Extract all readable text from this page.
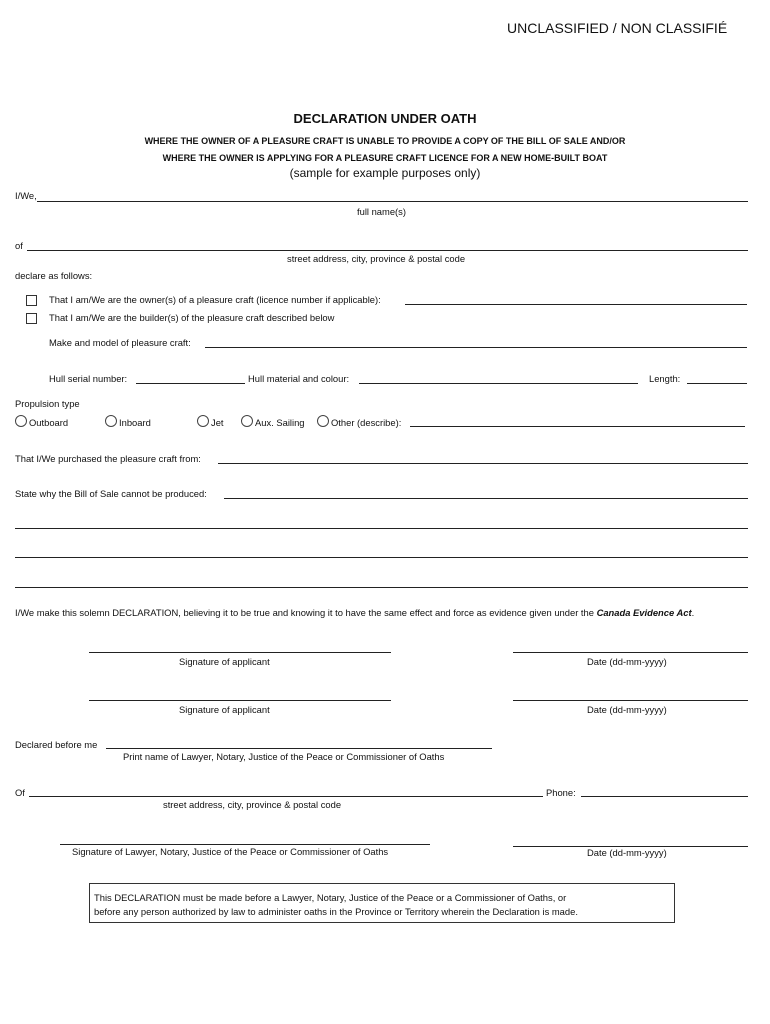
UNCLASSIFIED / NON CLASSIFIÉ
DECLARATION UNDER OATH
WHERE THE OWNER OF A PLEASURE CRAFT IS UNABLE TO PROVIDE A COPY OF THE BILL OF SALE AND/OR
WHERE THE OWNER IS APPLYING FOR A PLEASURE CRAFT LICENCE FOR A NEW HOME-BUILT BOAT
(sample for example purposes only)
I/We,
full name(s)
of
street address, city, province & postal code
declare as follows:
That I am/We are the owner(s) of a pleasure craft (licence number if applicable):
That I am/We are the builder(s) of the pleasure craft described below
Make and model of pleasure craft:
Hull serial number:	Hull material and colour:	Length:
Propulsion type
Outboard	Inboard	Jet	Aux. Sailing	Other (describe):
That I/We purchased the pleasure craft from:
State why the Bill of Sale cannot be produced:
I/We make this solemn DECLARATION, believing it to be true and knowing it to have the same effect and force as evidence given under the Canada Evidence Act.
Signature of applicant	Date (dd-mm-yyyy)
Signature of applicant	Date (dd-mm-yyyy)
Declared before me
Print name of Lawyer, Notary, Justice of the Peace or Commissioner of Oaths
Of	Phone:
street address, city, province & postal code
Signature of Lawyer, Notary, Justice of the Peace or Commissioner of Oaths	Date (dd-mm-yyyy)
This DECLARATION must be made before a Lawyer, Notary, Justice of the Peace or a Commissioner of Oaths, or
before any person authorized by law to administer oaths in the Province or Territory wherein the Declaration is made.
